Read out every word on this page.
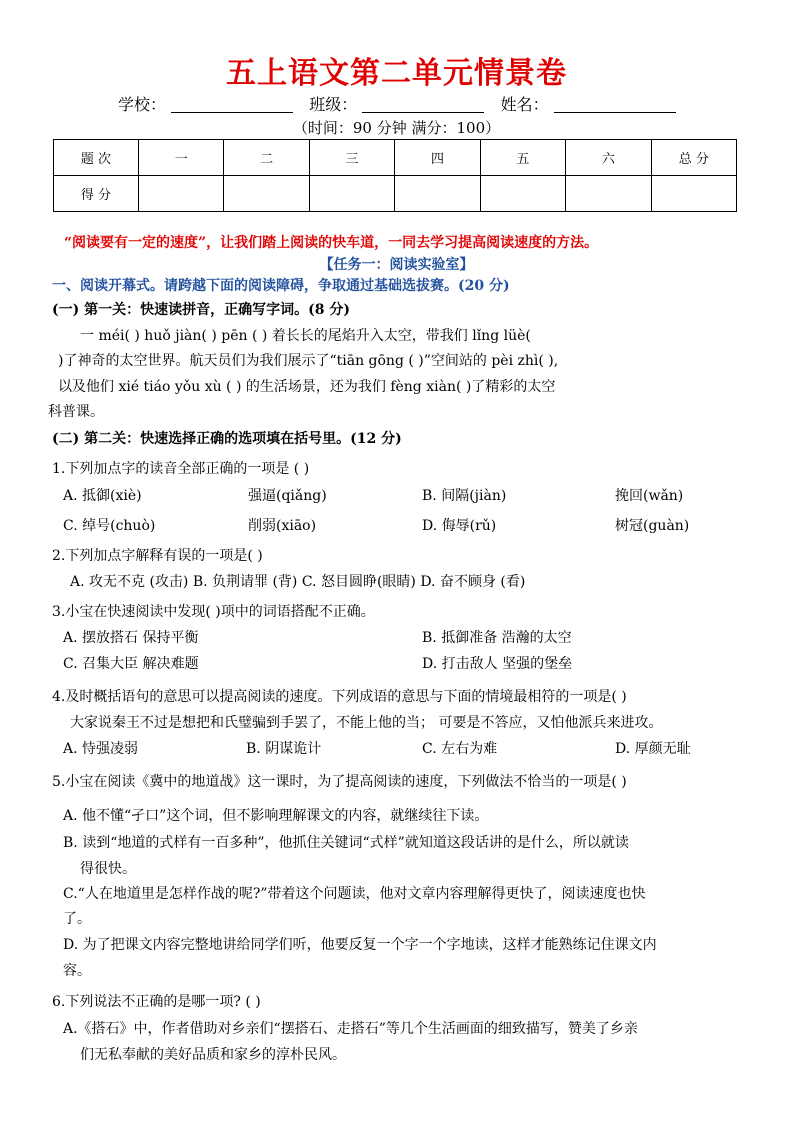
五上语文第二单元情景卷
学校：	班级：	姓名：
（时间：90 分钟 满分：100）
题 次	一	二	三	四	五	六	总 分
得 分							
“阅读要有一定的速度”，让我们踏上阅读的快车道，一同去学习提高阅读速度的方法。
【任务一：阅读实验室】
一、阅读开幕式。请跨越下面的阅读障碍，争取通过基础选拔赛。(20 分)
(一) 第一关：快速读拼音，正确写字词。(8 分)
一 méi( ) huǒ jiàn( ) pēn ( ) 着长长的尾焰升入太空，带我们 lǐng lüè(
)了神奇的太空世界。航天员们为我们展示了“tiān gōng ( )”空间站的 pèi zhì( ),
以及他们 xié tiáo yǒu xù ( ) 的生活场景，还为我们 fèng xiàn( )了精彩的太空
科普课。
(二) 第二关：快速选择正确的选项填在括号里。(12 分)
1.下列加点字的读音全部正确的一项是 ( )
A. 抵御(xiè)	强逼(qiǎng)	B. 间隔(jiàn)	挽回(wǎn)
C. 绰号(chuò)	削弱(xiāo)	D. 侮辱(rǔ)	树冠(guàn)
2.下列加点字解释有误的一项是( )
A. 攻无不克 (攻击) B. 负荆请罪 (背) C. 怒目圆睁(眼睛) D. 奋不顾身 (看)
3.小宝在快速阅读中发现( )项中的词语搭配不正确。
A. 摆放搭石 保持平衡	B. 抵御准备 浩瀚的太空
C. 召集大臣 解决难题	D. 打击敌人 坚强的堡垒
4.及时概括语句的意思可以提高阅读的速度。下列成语的意思与下面的情境最相符的一项是( )
大家说秦王不过是想把和氏璧骗到手罢了，不能上他的当； 可要是不答应，又怕他派兵来进攻。
A. 恃强凌弱	B. 阴谋诡计	C. 左右为难	D. 厚颜无耻
5.小宝在阅读《冀中的地道战》这一课时，为了提高阅读的速度，下列做法不恰当的一项是( )
A. 他不懂“孑口”这个词，但不影响理解课文的内容，就继续往下读。
B. 读到“地道的式样有一百多种”，他抓住关键词“式样”就知道这段话讲的是什么，所以就读
得很快。
C.“人在地道里是怎样作战的呢?”带着这个问题读，他对文章内容理解得更快了，阅读速度也快
了。
D. 为了把课文内容完整地讲给同学们听，他要反复一个字一个字地读，这样才能熟练记住课文内
容。
6.下列说法不正确的是哪一项? ( )
A.《搭石》中，作者借助对乡亲们“摆搭石、走搭石”等几个生活画面的细致描写，赞美了乡亲
们无私奉献的美好品质和家乡的淳朴民风。
